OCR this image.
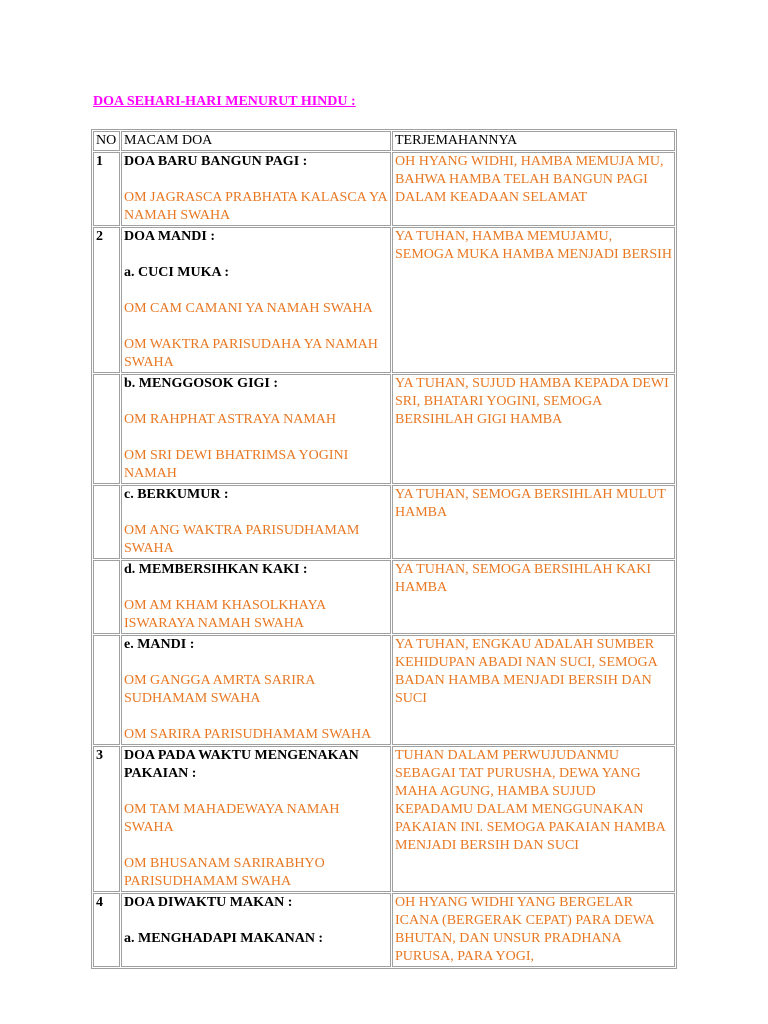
DOA SEHARI-HARI MENURUT HINDU :
NO	MACAM DOA	TERJEMAHANNYA
1	DOA BARU BANGUN PAGI :
OM JAGRASCA PRABHATA KALASCA YA NAMAH SWAHA	OH HYANG WIDHI, HAMBA MEMUJA MU, BAHWA HAMBA TELAH BANGUN PAGI DALAM KEADAAN SELAMAT
2	DOA MANDI :
a. CUCI MUKA :
OM CAM CAMANI YA NAMAH SWAHA
OM WAKTRA PARISUDAHA YA NAMAH SWAHA	YA TUHAN, HAMBA MEMUJAMU, SEMOGA MUKA HAMBA MENJADI BERSIH

	b. MENGGOSOK GIGI :
OM RAHPHAT ASTRAYA NAMAH
OM SRI DEWI BHATRIMSA YOGINI NAMAH	YA TUHAN, SUJUD HAMBA KEPADA DEWI SRI, BHATARI YOGINI, SEMOGA BERSIHLAH GIGI HAMBA

	c. BERKUMUR :
OM ANG WAKTRA PARISUDHAMAM SWAHA	YA TUHAN, SEMOGA BERSIHLAH MULUT HAMBA

	d. MEMBERSIHKAN KAKI :
OM AM KHAM KHASOLKHAYA ISWARAYA NAMAH SWAHA	YA TUHAN, SEMOGA BERSIHLAH KAKI HAMBA

	e. MANDI :
OM GANGGA AMRTA SARIRA SUDHAMAM SWAHA
OM SARIRA PARISUDHAMAM SWAHA	YA TUHAN, ENGKAU ADALAH SUMBER KEHIDUPAN ABADI NAN SUCI, SEMOGA BADAN HAMBA MENJADI BERSIH DAN SUCI
3	DOA PADA WAKTU MENGENAKAN PAKAIAN :
OM TAM MAHADEWAYA NAMAH SWAHA
OM BHUSANAM SARIRABHYO PARISUDHAMAM SWAHA	TUHAN DALAM PERWUJUDANMU SEBAGAI TAT PURUSHA, DEWA YANG MAHA AGUNG, HAMBA SUJUD KEPADAMU DALAM MENGGUNAKAN PAKAIAN INI. SEMOGA PAKAIAN HAMBA MENJADI BERSIH DAN SUCI
4	DOA DIWAKTU MAKAN :
a. MENGHADAPI MAKANAN :	OH HYANG WIDHI YANG BERGELAR ICANA (BERGERAK CEPAT) PARA DEWA BHUTAN, DAN UNSUR PRADHANA PURUSA, PARA YOGI,
